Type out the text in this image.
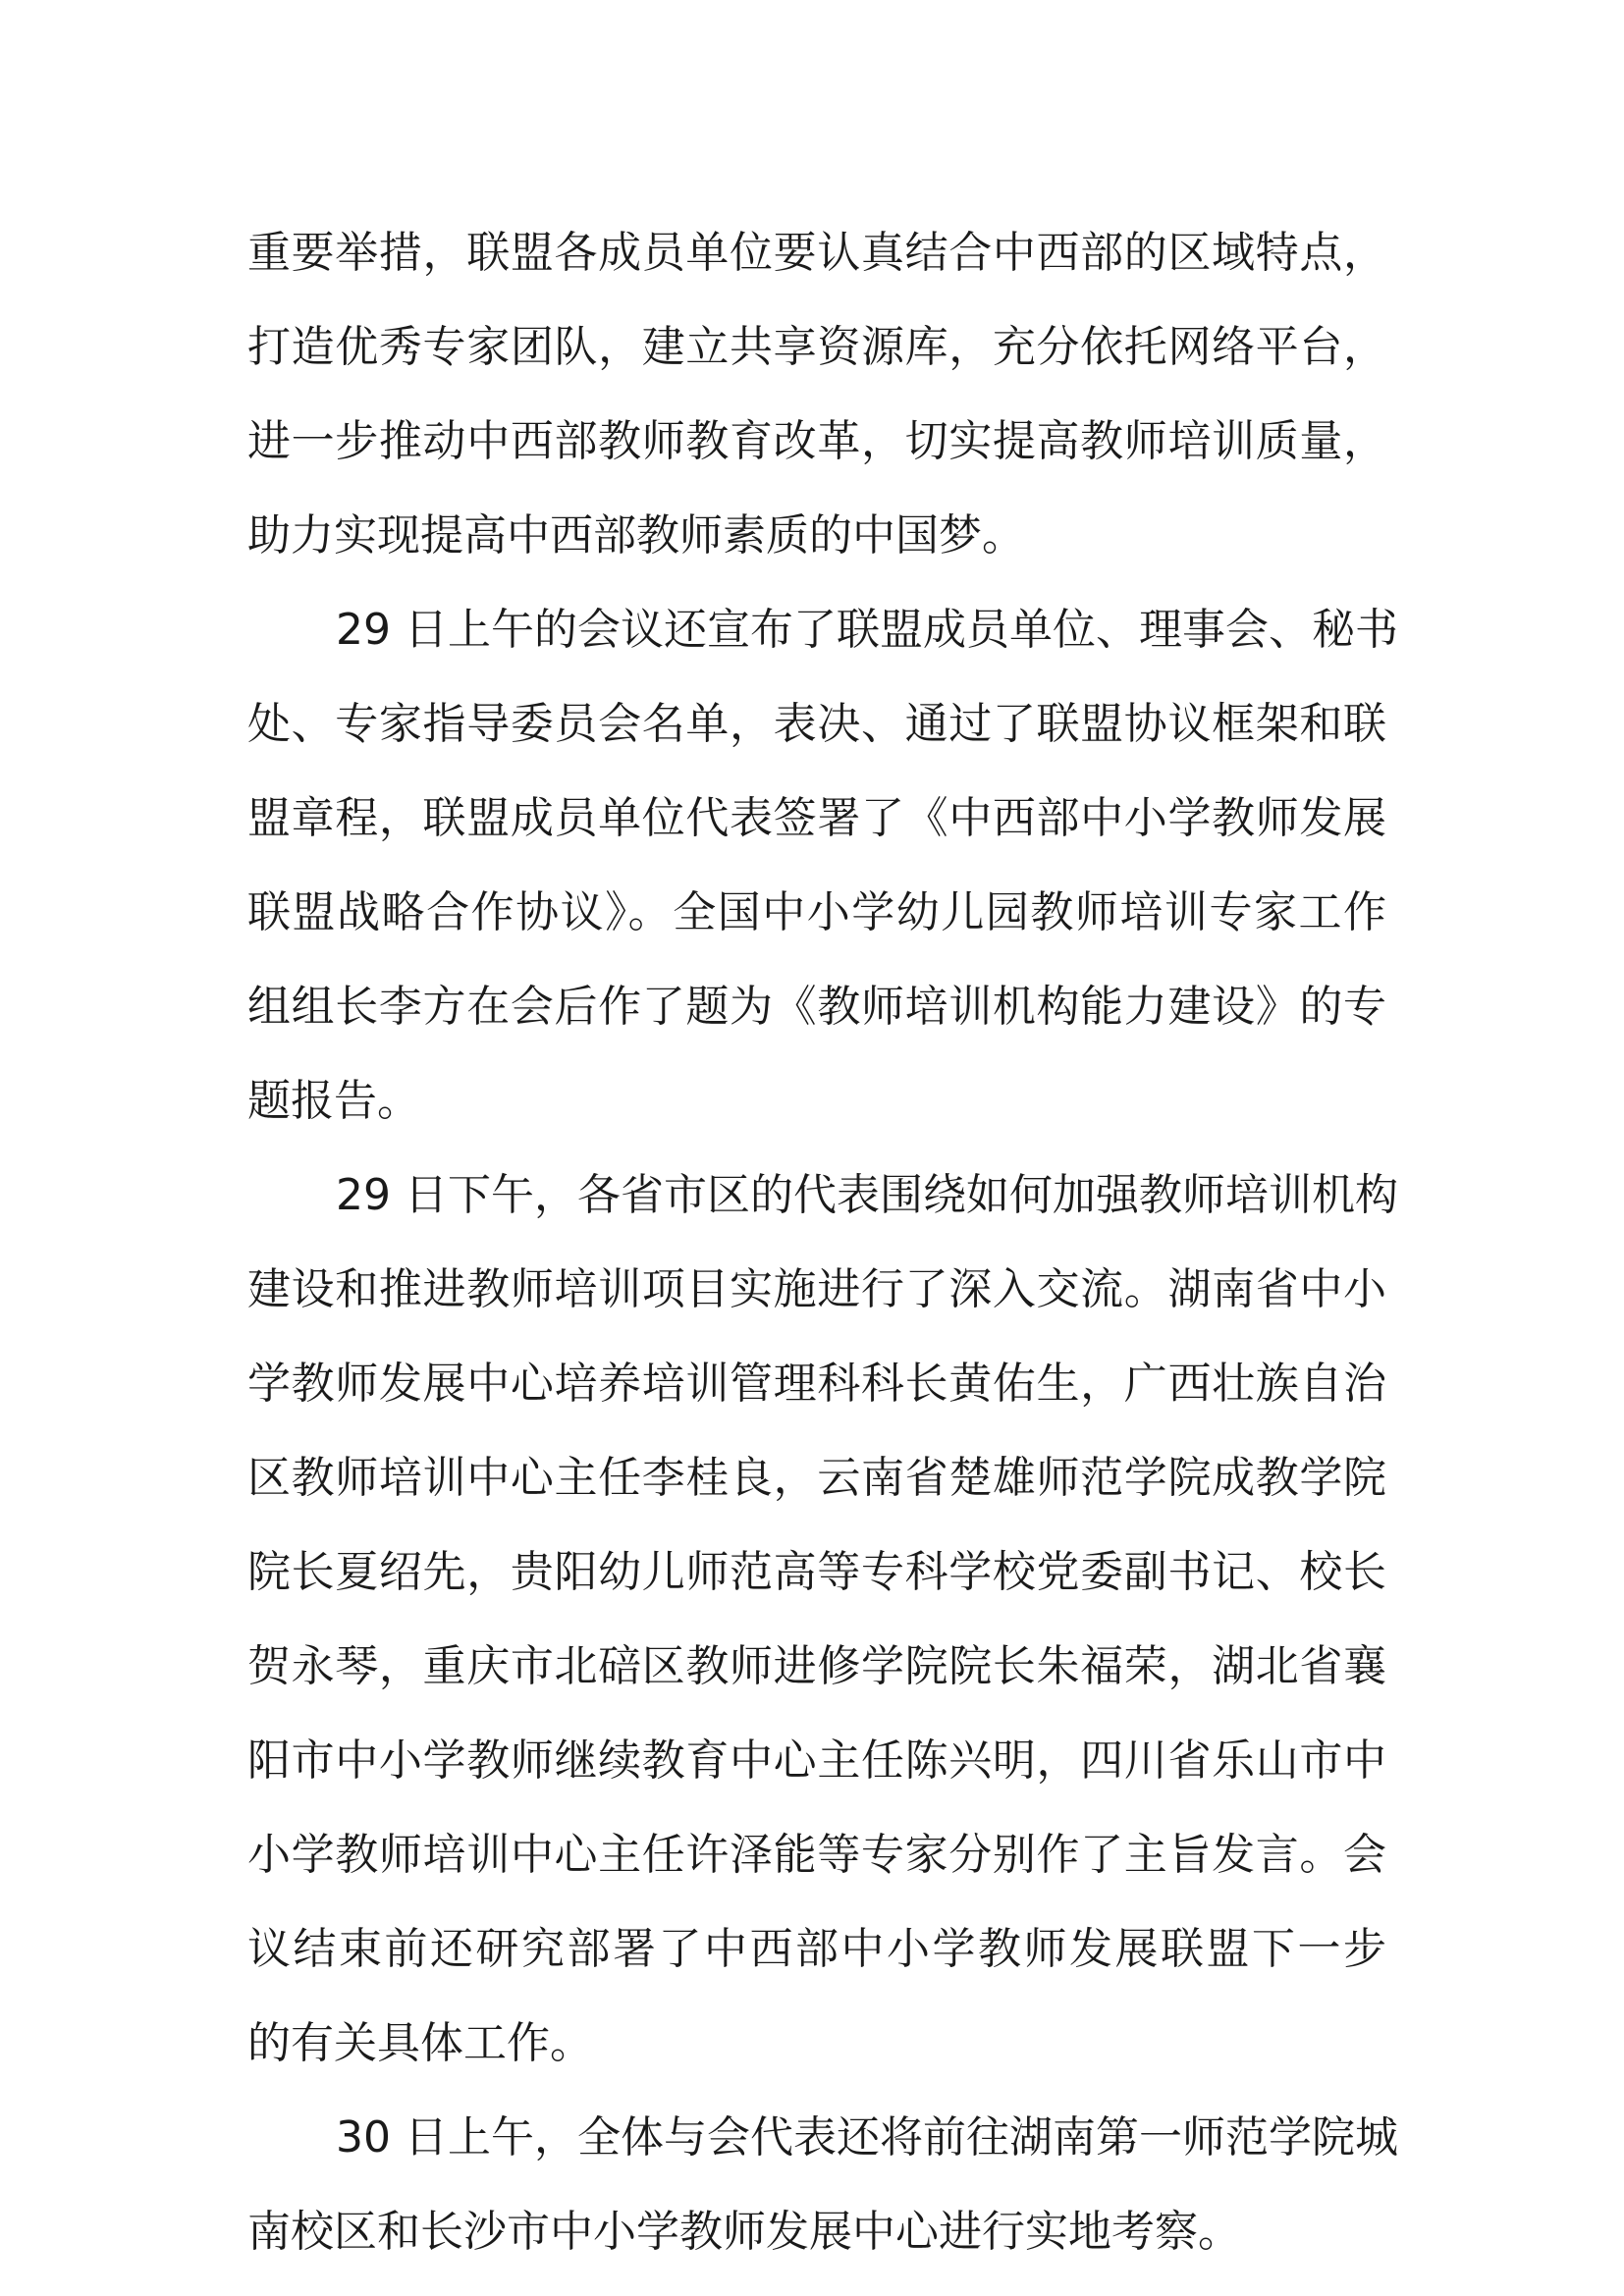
重要举措，联盟各成员单位要认真结合中西部的区域特点，
打造优秀专家团队，建立共享资源库，充分依托网络平台，
进一步推动中西部教师教育改革，切实提高教师培训质量，
助力实现提高中西部教师素质的中国梦。
29 日上午的会议还宣布了联盟成员单位、理事会、秘书
处、专家指导委员会名单，表决、通过了联盟协议框架和联
盟章程，联盟成员单位代表签署了《中西部中小学教师发展
联盟战略合作协议》。全国中小学幼儿园教师培训专家工作
组组长李方在会后作了题为《教师培训机构能力建设》的专
题报告。
29 日下午，各省市区的代表围绕如何加强教师培训机构
建设和推进教师培训项目实施进行了深入交流。湖南省中小
学教师发展中心培养培训管理科科长黄佑生，广西壮族自治
区教师培训中心主任李桂良，云南省楚雄师范学院成教学院
院长夏绍先，贵阳幼儿师范高等专科学校党委副书记、校长
贺永琴，重庆市北碚区教师进修学院院长朱福荣，湖北省襄
阳市中小学教师继续教育中心主任陈兴明，四川省乐山市中
小学教师培训中心主任许泽能等专家分别作了主旨发言。会
议结束前还研究部署了中西部中小学教师发展联盟下一步
的有关具体工作。
30 日上午，全体与会代表还将前往湖南第一师范学院城
南校区和长沙市中小学教师发展中心进行实地考察。
